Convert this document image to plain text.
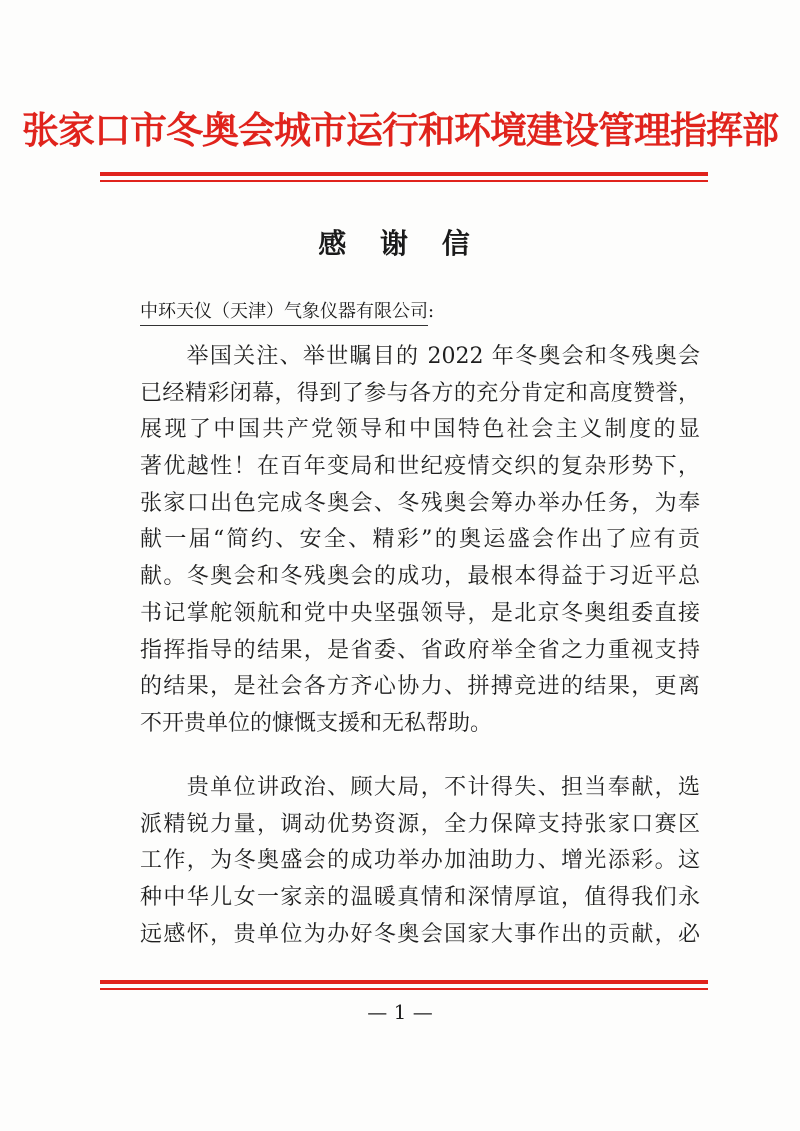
张家口市冬奥会城市运行和环境建设管理指挥部
感 谢 信
中环天仪（天津）气象仪器有限公司:
　　举国关注、举世瞩目的 2022 年冬奥会和冬残奥会
已经精彩闭幕，得到了参与各方的充分肯定和高度赞誉，
展现了中国共产党领导和中国特色社会主义制度的显
著优越性！在百年变局和世纪疫情交织的复杂形势下，
张家口出色完成冬奥会、冬残奥会筹办举办任务，为奉
献一届“简约、安全、精彩”的奥运盛会作出了应有贡
献。冬奥会和冬残奥会的成功，最根本得益于习近平总
书记掌舵领航和党中央坚强领导，是北京冬奥组委直接
指挥指导的结果，是省委、省政府举全省之力重视支持
的结果，是社会各方齐心协力、拼搏竞进的结果，更离
不开贵单位的慷慨支援和无私帮助。
　　贵单位讲政治、顾大局，不计得失、担当奉献，选
派精锐力量，调动优势资源，全力保障支持张家口赛区
工作，为冬奥盛会的成功举办加油助力、增光添彩。这
种中华儿女一家亲的温暖真情和深情厚谊，值得我们永
远感怀，贵单位为办好冬奥会国家大事作出的贡献，必
— 1 —
